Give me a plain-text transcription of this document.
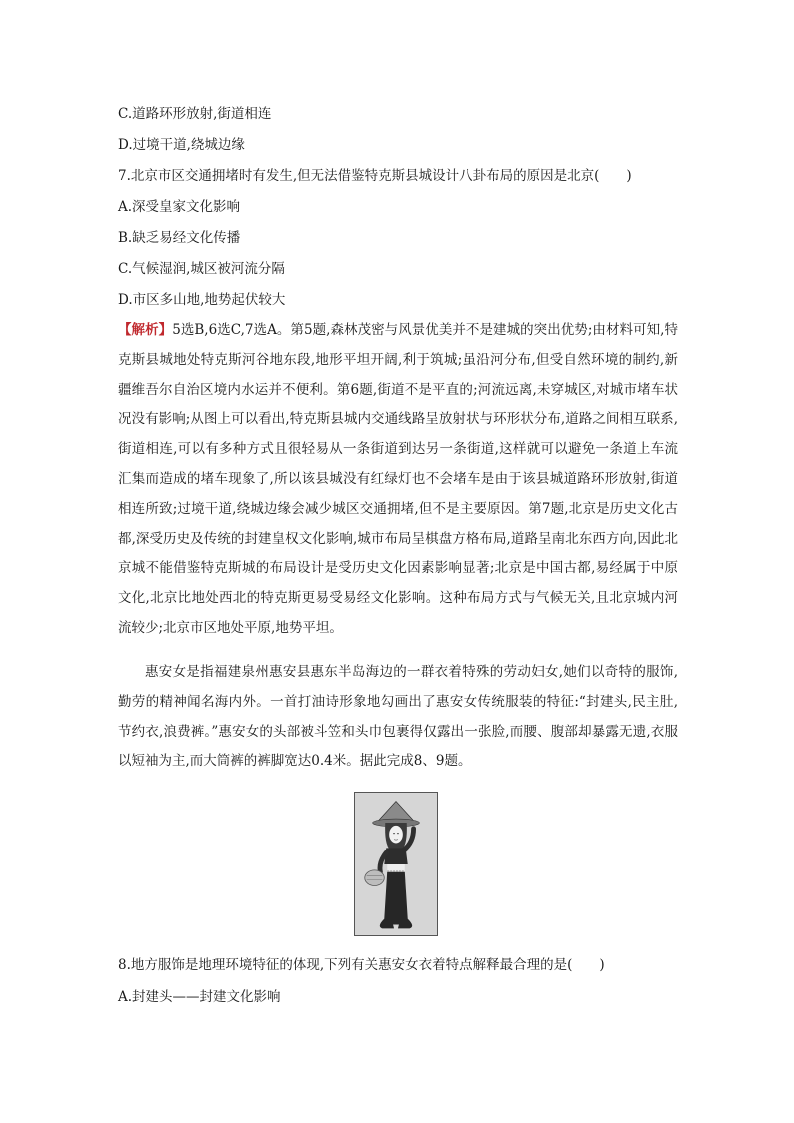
C.道路环形放射,街道相连
D.过境干道,绕城边缘
7.北京市区交通拥堵时有发生,但无法借鉴特克斯县城设计八卦布局的原因是北京(　　)
A.深受皇家文化影响
B.缺乏易经文化传播
C.气候湿润,城区被河流分隔
D.市区多山地,地势起伏较大
【解析】5选B,6选C,7选A。第5题,森林茂密与风景优美并不是建城的突出优势;由材料可知,特克斯县城地处特克斯河谷地东段,地形平坦开阔,利于筑城;虽沿河分布,但受自然环境的制约,新疆维吾尔自治区境内水运并不便利。第6题,街道不是平直的;河流远离,未穿城区,对城市堵车状况没有影响;从图上可以看出,特克斯县城内交通线路呈放射状与环形状分布,道路之间相互联系,街道相连,可以有多种方式且很轻易从一条街道到达另一条街道,这样就可以避免一条道上车流汇集而造成的堵车现象了,所以该县城没有红绿灯也不会堵车是由于该县城道路环形放射,街道相连所致;过境干道,绕城边缘会减少城区交通拥堵,但不是主要原因。第7题,北京是历史文化古都,深受历史及传统的封建皇权文化影响,城市布局呈棋盘方格布局,道路呈南北东西方向,因此北京城不能借鉴特克斯城的布局设计是受历史文化因素影响显著;北京是中国古都,易经属于中原文化,北京比地处西北的特克斯更易受易经文化影响。这种布局方式与气候无关,且北京城内河流较少;北京市区地处平原,地势平坦。
惠安女是指福建泉州惠安县惠东半岛海边的一群衣着特殊的劳动妇女,她们以奇特的服饰,勤劳的精神闻名海内外。一首打油诗形象地勾画出了惠安女传统服装的特征:“封建头,民主肚,节约衣,浪费裤。”惠安女的头部被斗笠和头巾包裹得仅露出一张脸,而腰、腹部却暴露无遗,衣服以短袖为主,而大筒裤的裤脚宽达0.4米。据此完成8、9题。
8.地方服饰是地理环境特征的体现,下列有关惠安女衣着特点解释最合理的是(　　)
A.封建头——封建文化影响
